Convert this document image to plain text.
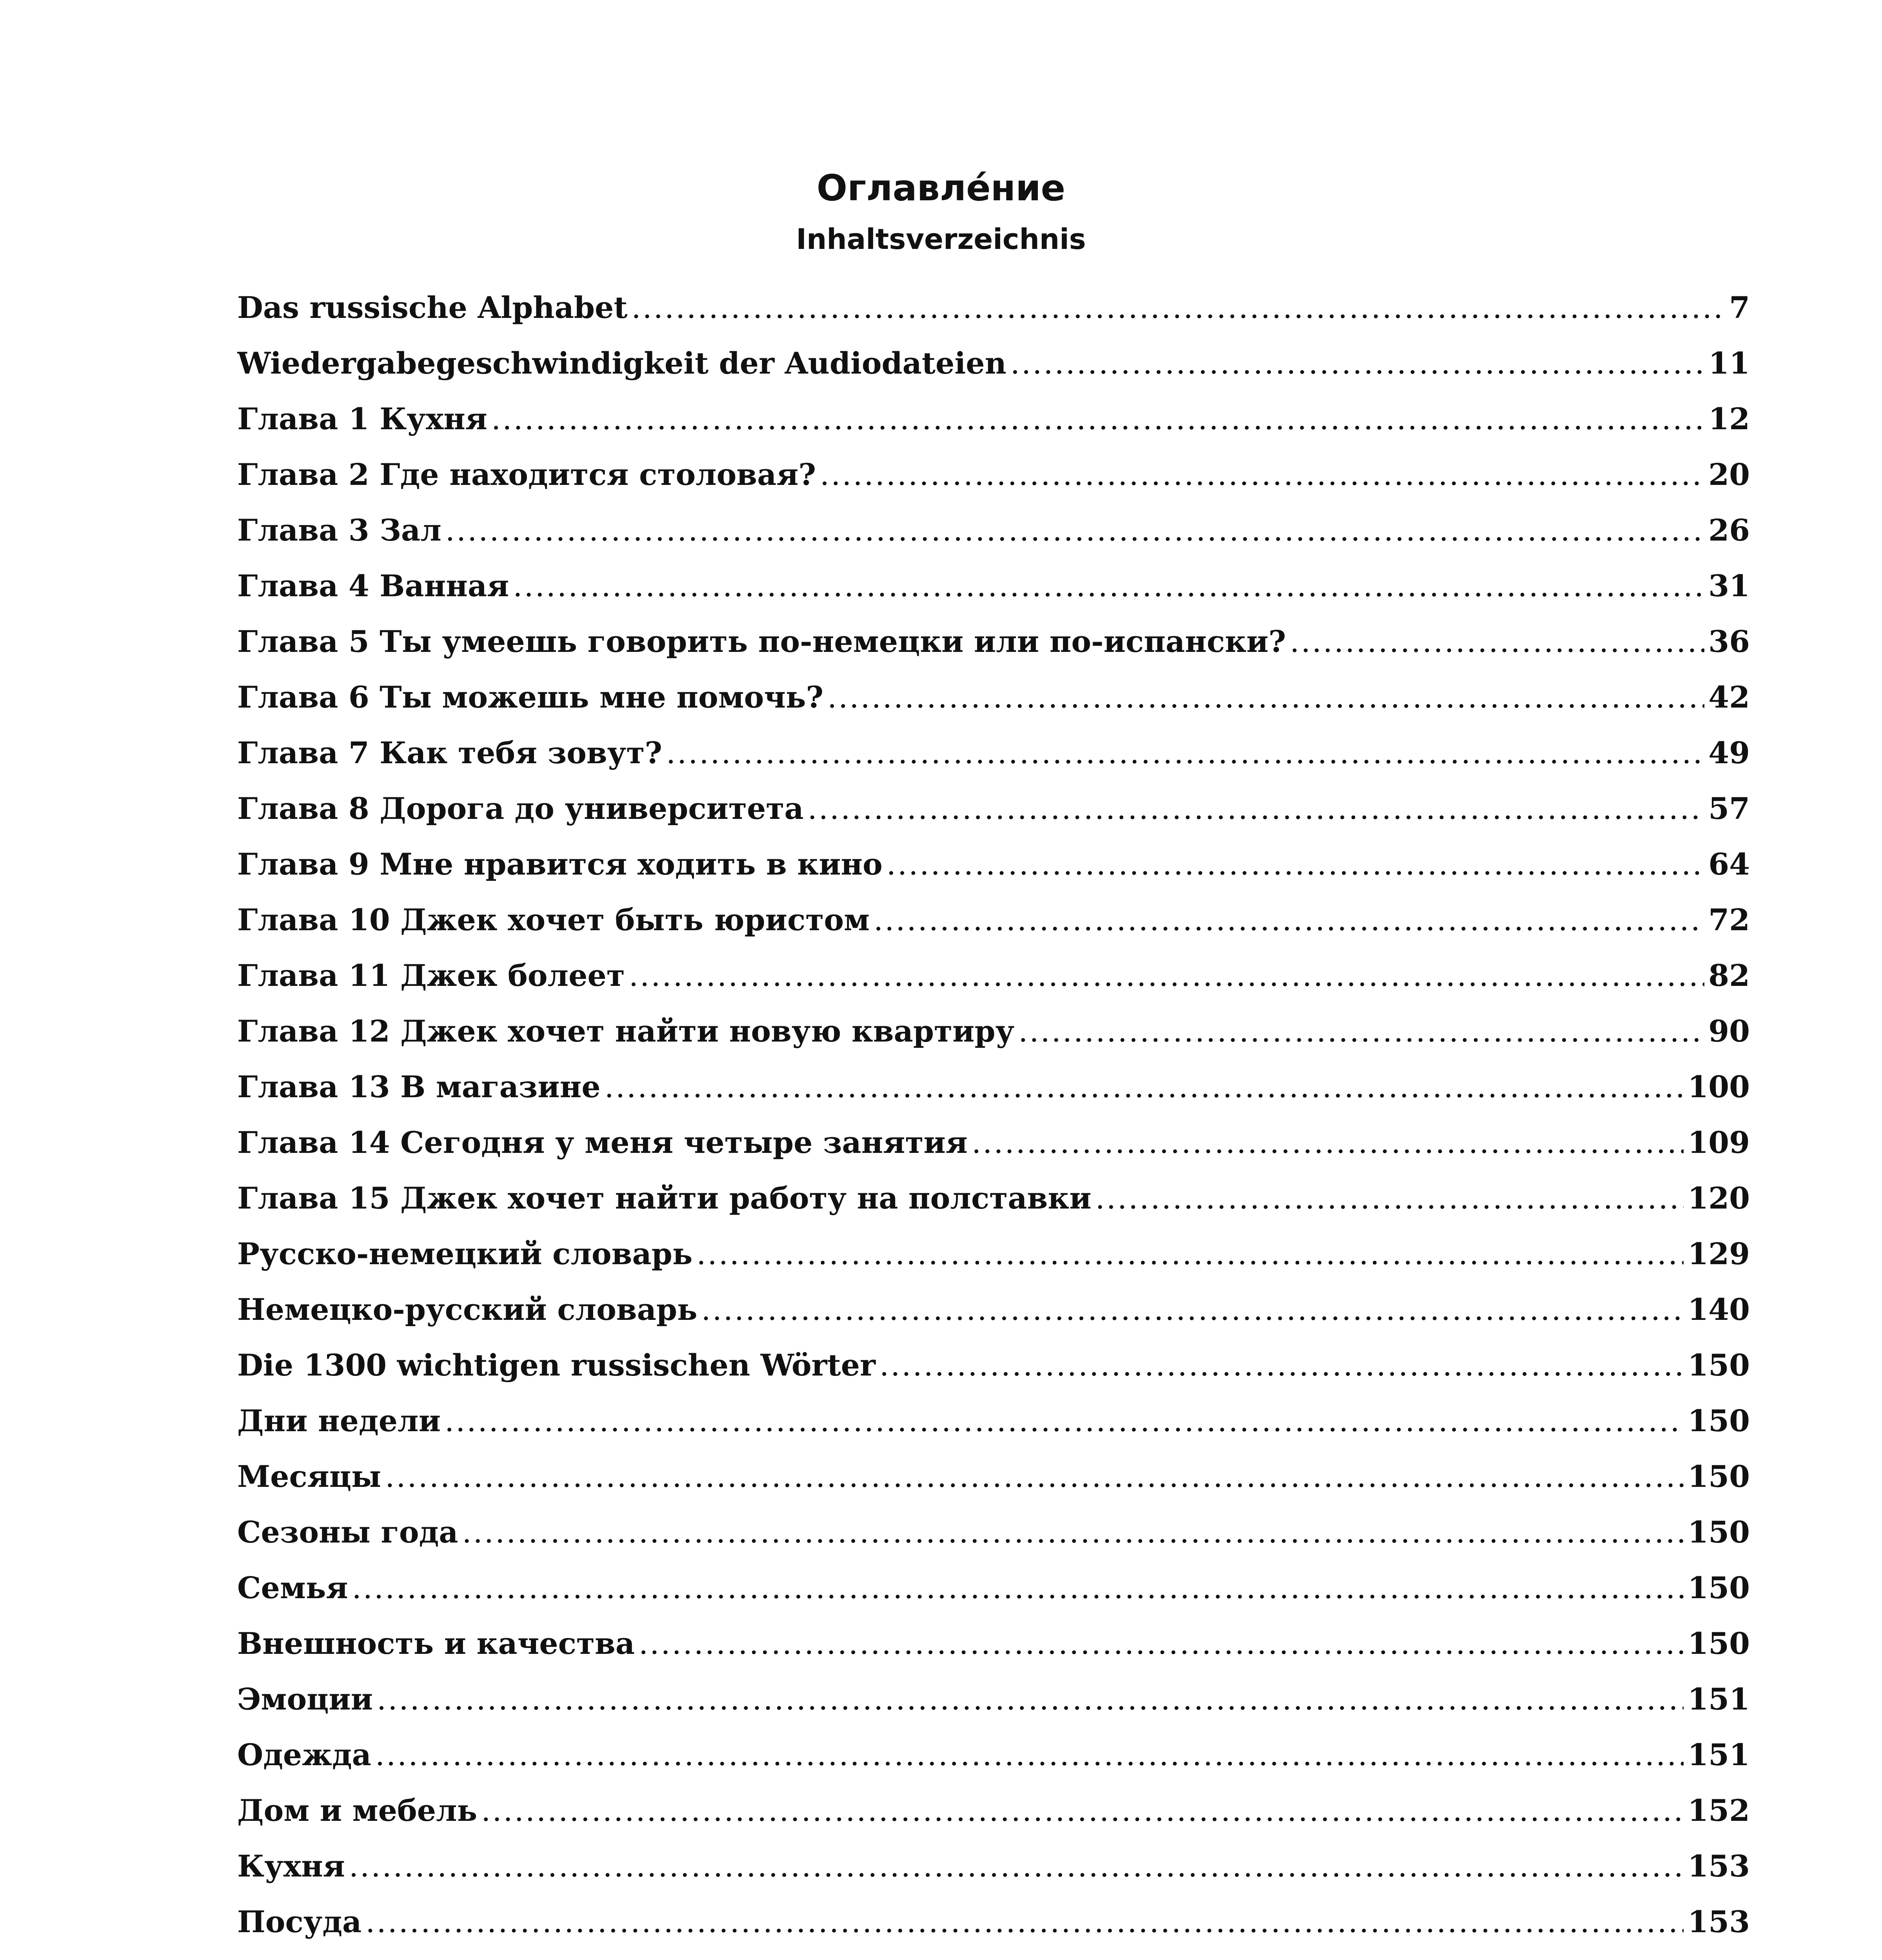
Оглавле́ние
Inhaltsverzeichnis
Das russische Alphabet .....	7
Wiedergabegeschwindigkeit der Audiodateien .....	11
Глава 1 Кухня .....	12
Глава 2 Где находится столовая? .....	20
Глава 3 Зал .....	26
Глава 4 Ванная .....	31
Глава 5 Ты умеешь говорить по-немецки или по-испански? .....	36
Глава 6 Ты можешь мне помочь? .....	42
Глава 7 Как тебя зовут? .....	49
Глава 8 Дорога до университета .....	57
Глава 9 Мне нравится ходить в кино .....	64
Глава 10 Джек хочет быть юристом .....	72
Глава 11 Джек болеет .....	82
Глава 12 Джек хочет найти новую квартиру .....	90
Глава 13 В магазине .....	100
Глава 14 Сегодня у меня четыре занятия .....	109
Глава 15 Джек хочет найти работу на полставки .....	120
Русско-немецкий словарь .....	129
Немецко-русский словарь .....	140
Die 1300 wichtigen russischen Wörter .....	150
Дни недели .....	150
Месяцы .....	150
Сезоны года .....	150
Семья .....	150
Внешность и качества .....	150
Эмоции .....	151
Одежда .....	151
Дом и мебель .....	152
Кухня .....	153
Посуда .....	153
.....
